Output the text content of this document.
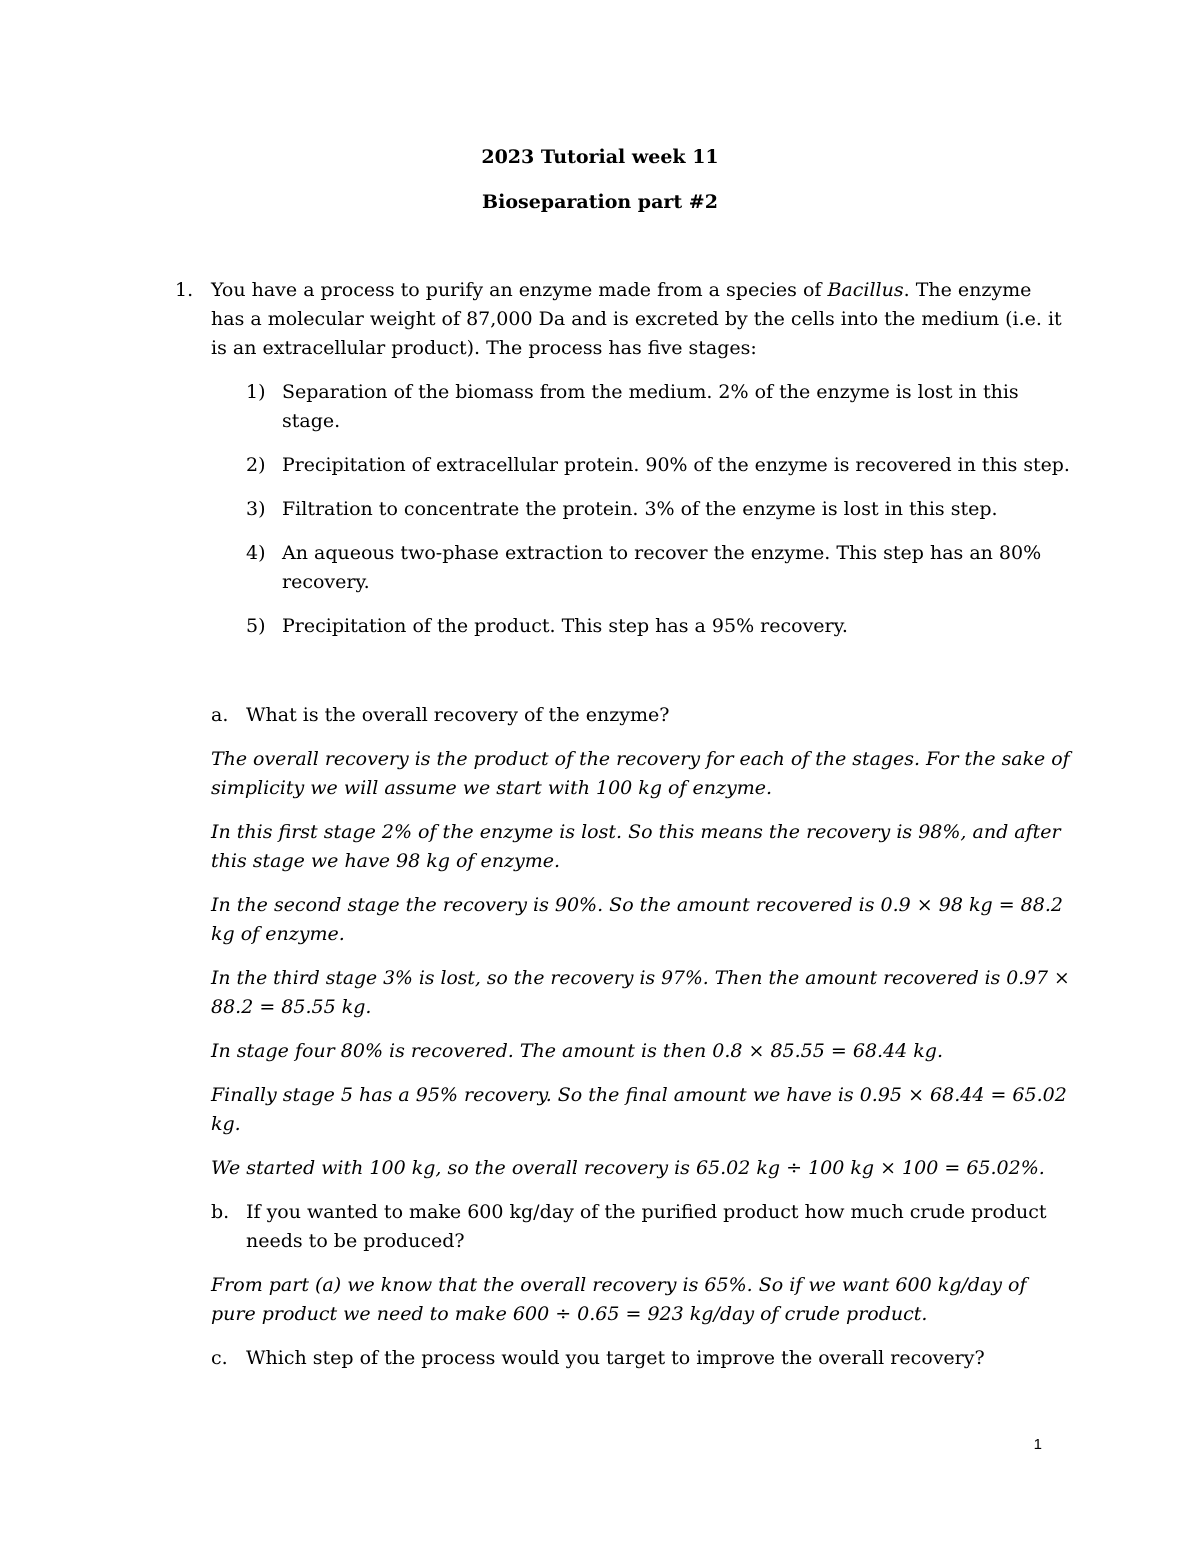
2023 Tutorial week 11
Bioseparation part #2
1. You have a process to purify an enzyme made from a species of Bacillus. The enzyme
has a molecular weight of 87,000 Da and is excreted by the cells into the medium (i.e. it
is an extracellular product). The process has five stages:
1) Separation of the biomass from the medium. 2% of the enzyme is lost in this
stage.
2) Precipitation of extracellular protein. 90% of the enzyme is recovered in this step.
3) Filtration to concentrate the protein. 3% of the enzyme is lost in this step.
4) An aqueous two-phase extraction to recover the enzyme. This step has an 80%
recovery.
5) Precipitation of the product. This step has a 95% recovery.
a. What is the overall recovery of the enzyme?
The overall recovery is the product of the recovery for each of the stages. For the sake of
simplicity we will assume we start with 100 kg of enzyme.
In this first stage 2% of the enzyme is lost. So this means the recovery is 98%, and after
this stage we have 98 kg of enzyme.
In the second stage the recovery is 90%. So the amount recovered is 0.9 × 98 kg = 88.2
kg of enzyme.
In the third stage 3% is lost, so the recovery is 97%. Then the amount recovered is 0.97 ×
88.2 = 85.55 kg.
In stage four 80% is recovered. The amount is then 0.8 × 85.55 = 68.44 kg.
Finally stage 5 has a 95% recovery. So the final amount we have is 0.95 × 68.44 = 65.02
kg.
We started with 100 kg, so the overall recovery is 65.02 kg ÷ 100 kg × 100 = 65.02%.
b. If you wanted to make 600 kg/day of the purified product how much crude product
needs to be produced?
From part (a) we know that the overall recovery is 65%. So if we want 600 kg/day of
pure product we need to make 600 ÷ 0.65 = 923 kg/day of crude product.
c. Which step of the process would you target to improve the overall recovery?
1
